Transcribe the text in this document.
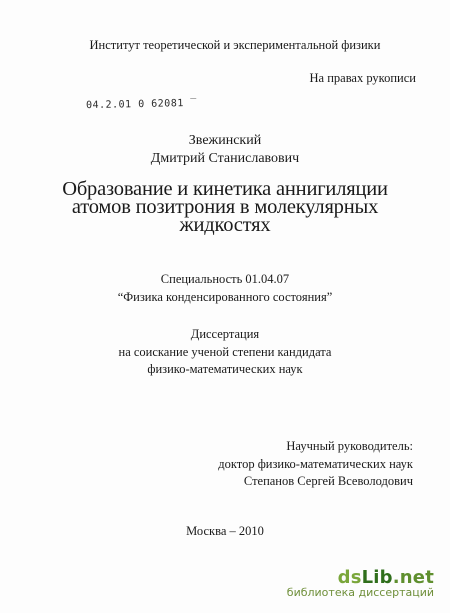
Институт теоретической и экспериментальной физики
На правах рукописи
04.2.01 0 62081 ‾
Звежинский
Дмитрий Станиславович
Образование и кинетика аннигиляции
атомов позитрония в молекулярных
жидкостях
Специальность 01.04.07
“Физика конденсированного состояния”
Диссертация
на соискание ученой степени кандидата
физико-математических наук
Научный руководитель:
доктор физико-математических наук
Степанов Сергей Всеволодович
Москва – 2010
dsLib.net
библиотека диссертаций
